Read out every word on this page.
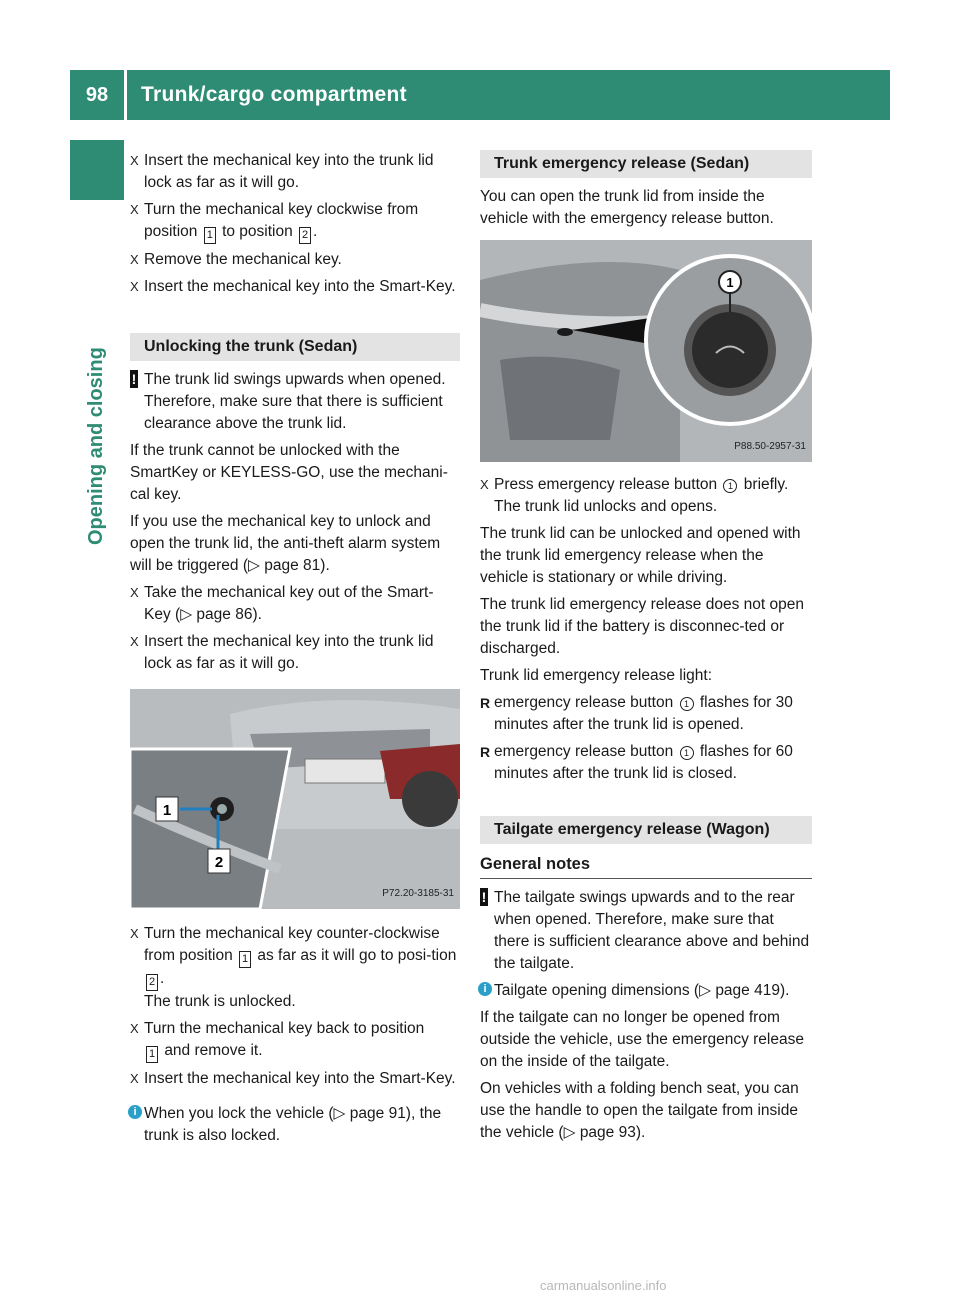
98	Trunk/cargo compartment
Opening and closing
X Insert the mechanical key into the trunk lid lock as far as it will go.
X Turn the mechanical key clockwise from position 1 to position 2 .
X Remove the mechanical key.
X Insert the mechanical key into the Smart-Key.
Unlocking the trunk (Sedan)
! The trunk lid swings upwards when opened. Therefore, make sure that there is sufficient clearance above the trunk lid.
If the trunk cannot be unlocked with the SmartKey or KEYLESS-GO, use the mechani-cal key.
If you use the mechanical key to unlock and open the trunk lid, the anti-theft alarm system will be triggered (▷ page 81).
X Take the mechanical key out of the Smart-Key (▷ page 86).
X Insert the mechanical key into the trunk lid lock as far as it will go.
1
2
P72.20-3185-31
X Turn the mechanical key counter-clockwise from position 1 as far as it will go to posi-tion 2 .
The trunk is unlocked.
X Turn the mechanical key back to position
1 and remove it.
X Insert the mechanical key into the Smart-Key.
i When you lock the vehicle (▷ page 91), the trunk is also locked.
Trunk emergency release (Sedan)
You can open the trunk lid from inside the vehicle with the emergency release button.
1
P88.50-2957-31
X Press emergency release button 1 briefly.
The trunk lid unlocks and opens.
The trunk lid can be unlocked and opened with the trunk lid emergency release when the vehicle is stationary or while driving.
The trunk lid emergency release does not open the trunk lid if the battery is disconnec-ted or discharged.
Trunk lid emergency release light:
R emergency release button 1 flashes for 30 minutes after the trunk lid is opened.
R emergency release button 1 flashes for 60 minutes after the trunk lid is closed.
Tailgate emergency release (Wagon)
General notes
! The tailgate swings upwards and to the rear when opened. Therefore, make sure that there is sufficient clearance above and behind the tailgate.
i Tailgate opening dimensions (▷ page 419).
If the tailgate can no longer be opened from outside the vehicle, use the emergency release on the inside of the tailgate.
On vehicles with a folding bench seat, you can use the handle to open the tailgate from inside the vehicle (▷ page 93).
carmanualsonline.info
